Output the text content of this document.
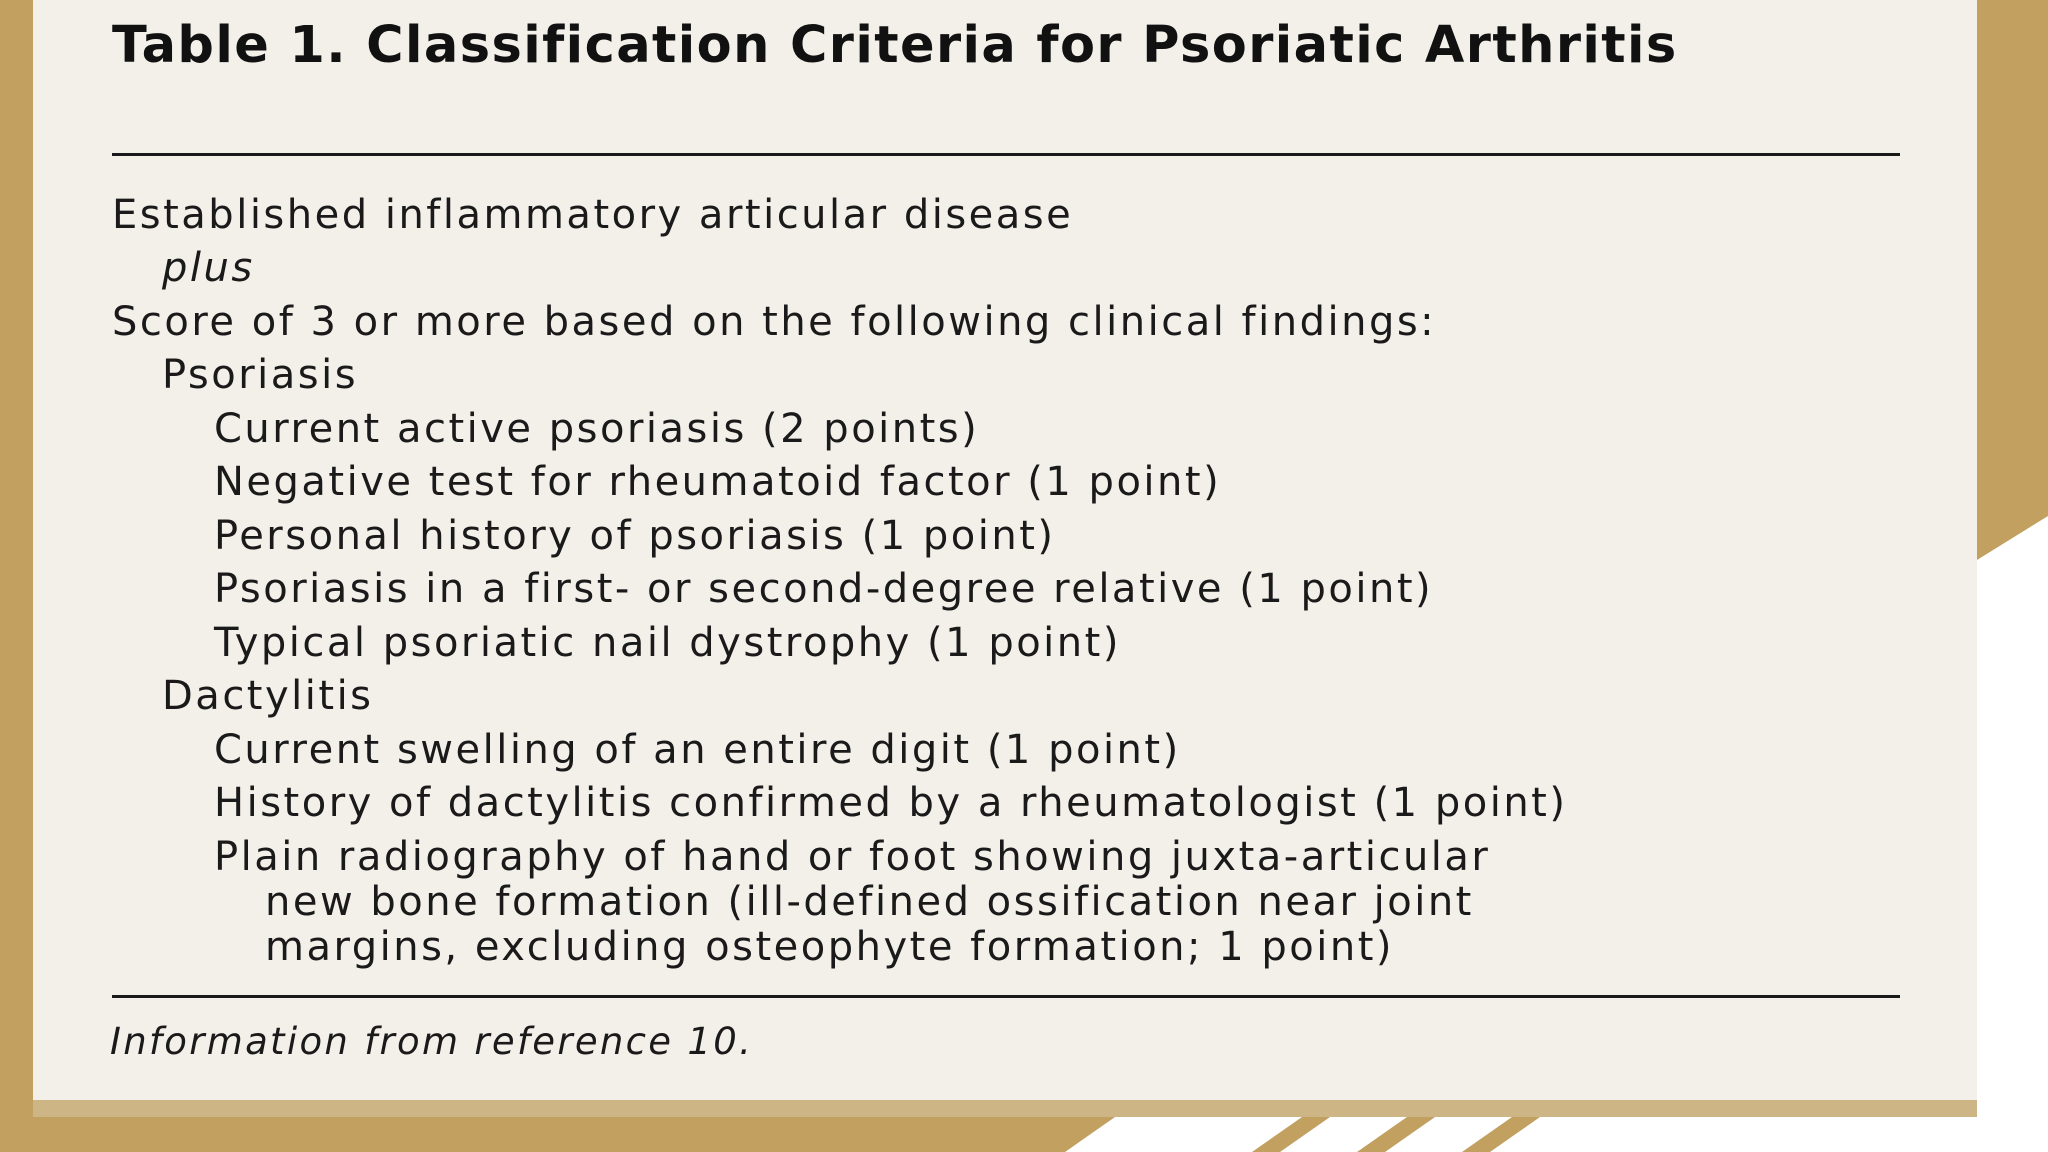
Table 1. Classification Criteria for Psoriatic Arthritis
Established inflammatory articular disease
plus
Score of 3 or more based on the following clinical findings:
Psoriasis
Current active psoriasis (2 points)
Negative test for rheumatoid factor (1 point)
Personal history of psoriasis (1 point)
Psoriasis in a first- or second-degree relative (1 point)
Typical psoriatic nail dystrophy (1 point)
Dactylitis
Current swelling of an entire digit (1 point)
History of dactylitis confirmed by a rheumatologist (1 point)
Plain radiography of hand or foot showing juxta-articular
new bone formation (ill-defined ossification near joint
margins, excluding osteophyte formation; 1 point)
Information from reference 10.
